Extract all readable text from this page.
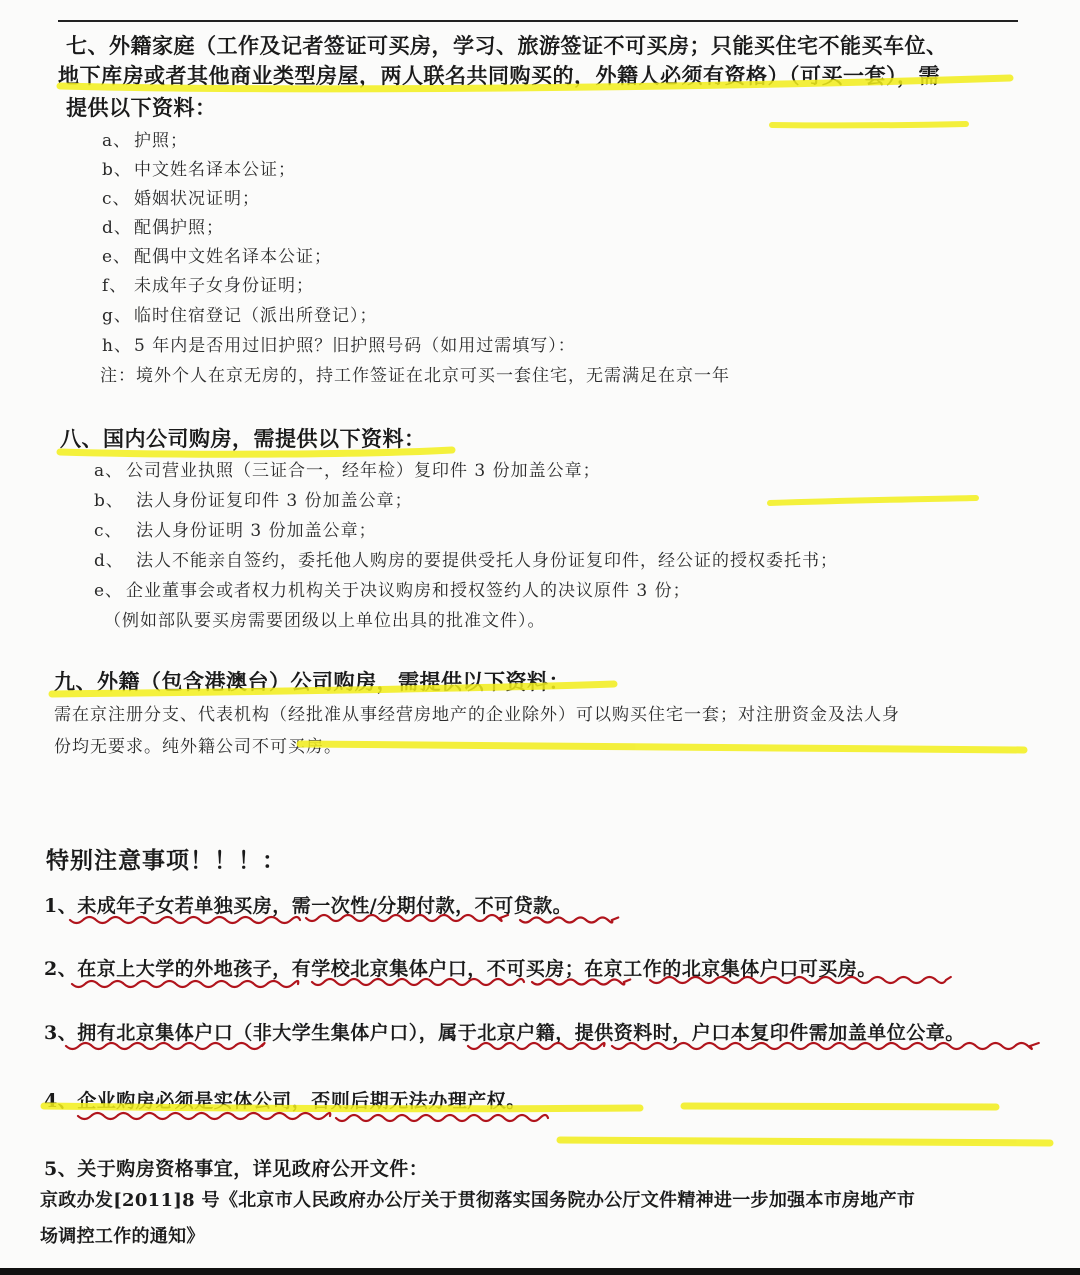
七、外籍家庭（工作及记者签证可买房，学习、旅游签证不可买房；只能买住宅不能买车位、
地下库房或者其他商业类型房屋，两人联名共同购买的，外籍人必须有资格）（可买一套），需
提供以下资料：
a、 护照；
b、 中文姓名译本公证；
c、 婚姻状况证明；
d、 配偶护照；
e、 配偶中文姓名译本公证；
f、 未成年子女身份证明；
g、 临时住宿登记（派出所登记）；
h、 5 年内是否用过旧护照？旧护照号码（如用过需填写）：
注：境外个人在京无房的，持工作签证在北京可买一套住宅，无需满足在京一年
八、国内公司购房，需提供以下资料：
a、 公司营业执照（三证合一，经年检）复印件 3 份加盖公章；
b、 法人身份证复印件 3 份加盖公章；
c、 法人身份证明 3 份加盖公章；
d、 法人不能亲自签约，委托他人购房的要提供受托人身份证复印件，经公证的授权委托书；
e、 企业董事会或者权力机构关于决议购房和授权签约人的决议原件 3 份；
（例如部队要买房需要团级以上单位出具的批准文件）。
九、外籍（包含港澳台）公司购房，需提供以下资料：
需在京注册分支、代表机构（经批准从事经营房地产的企业除外）可以购买住宅一套；对注册资金及法人身
份均无要求。纯外籍公司不可买房。
特别注意事项！！！：
1、未成年子女若单独买房，需一次性/分期付款，不可贷款。
2、在京上大学的外地孩子，有学校北京集体户口，不可买房；在京工作的北京集体户口可买房。
3、拥有北京集体户口（非大学生集体户口），属于北京户籍，提供资料时，户口本复印件需加盖单位公章。
4、企业购房必须是实体公司，否则后期无法办理产权。
5、关于购房资格事宜，详见政府公开文件：
京政办发[2011]8 号《北京市人民政府办公厅关于贯彻落实国务院办公厅文件精神进一步加强本市房地产市
场调控工作的通知》
